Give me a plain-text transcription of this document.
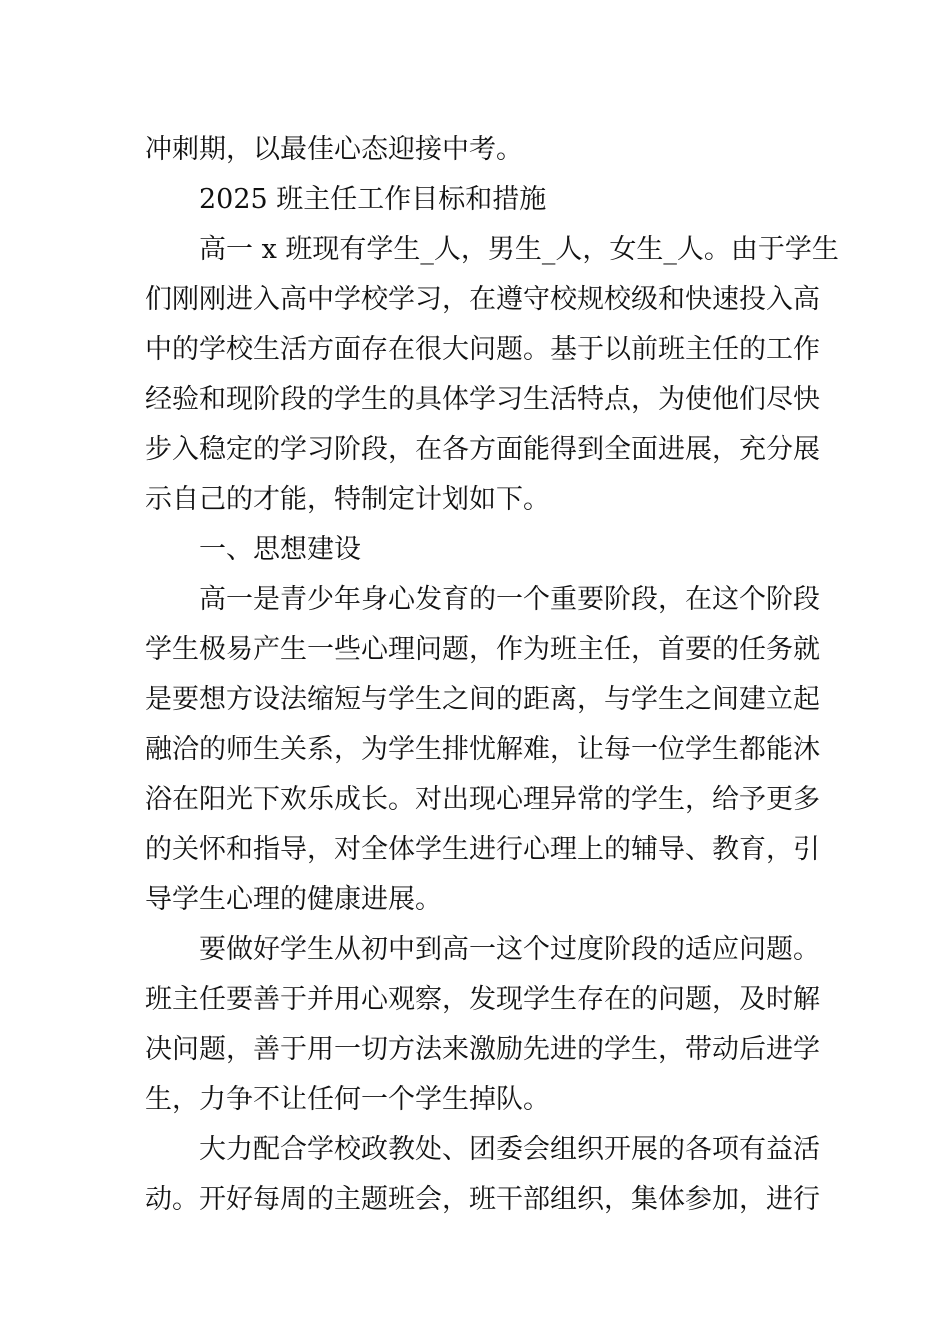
冲刺期，以最佳心态迎接中考。
2025 班主任工作目标和措施
高一 x 班现有学生_人，男生_人，女生_人。由于学生
们刚刚进入高中学校学习，在遵守校规校级和快速投入高
中的学校生活方面存在很大问题。基于以前班主任的工作
经验和现阶段的学生的具体学习生活特点，为使他们尽快
步入稳定的学习阶段，在各方面能得到全面进展，充分展
示自己的才能，特制定计划如下。
一、思想建设
高一是青少年身心发育的一个重要阶段，在这个阶段
学生极易产生一些心理问题，作为班主任，首要的任务就
是要想方设法缩短与学生之间的距离，与学生之间建立起
融洽的师生关系，为学生排忧解难，让每一位学生都能沐
浴在阳光下欢乐成长。对出现心理异常的学生，给予更多
的关怀和指导，对全体学生进行心理上的辅导、教育，引
导学生心理的健康进展。
要做好学生从初中到高一这个过度阶段的适应问题。
班主任要善于并用心观察，发现学生存在的问题，及时解
决问题，善于用一切方法来激励先进的学生，带动后进学
生，力争不让任何一个学生掉队。
大力配合学校政教处、团委会组织开展的各项有益活
动。开好每周的主题班会，班干部组织，集体参加，进行
